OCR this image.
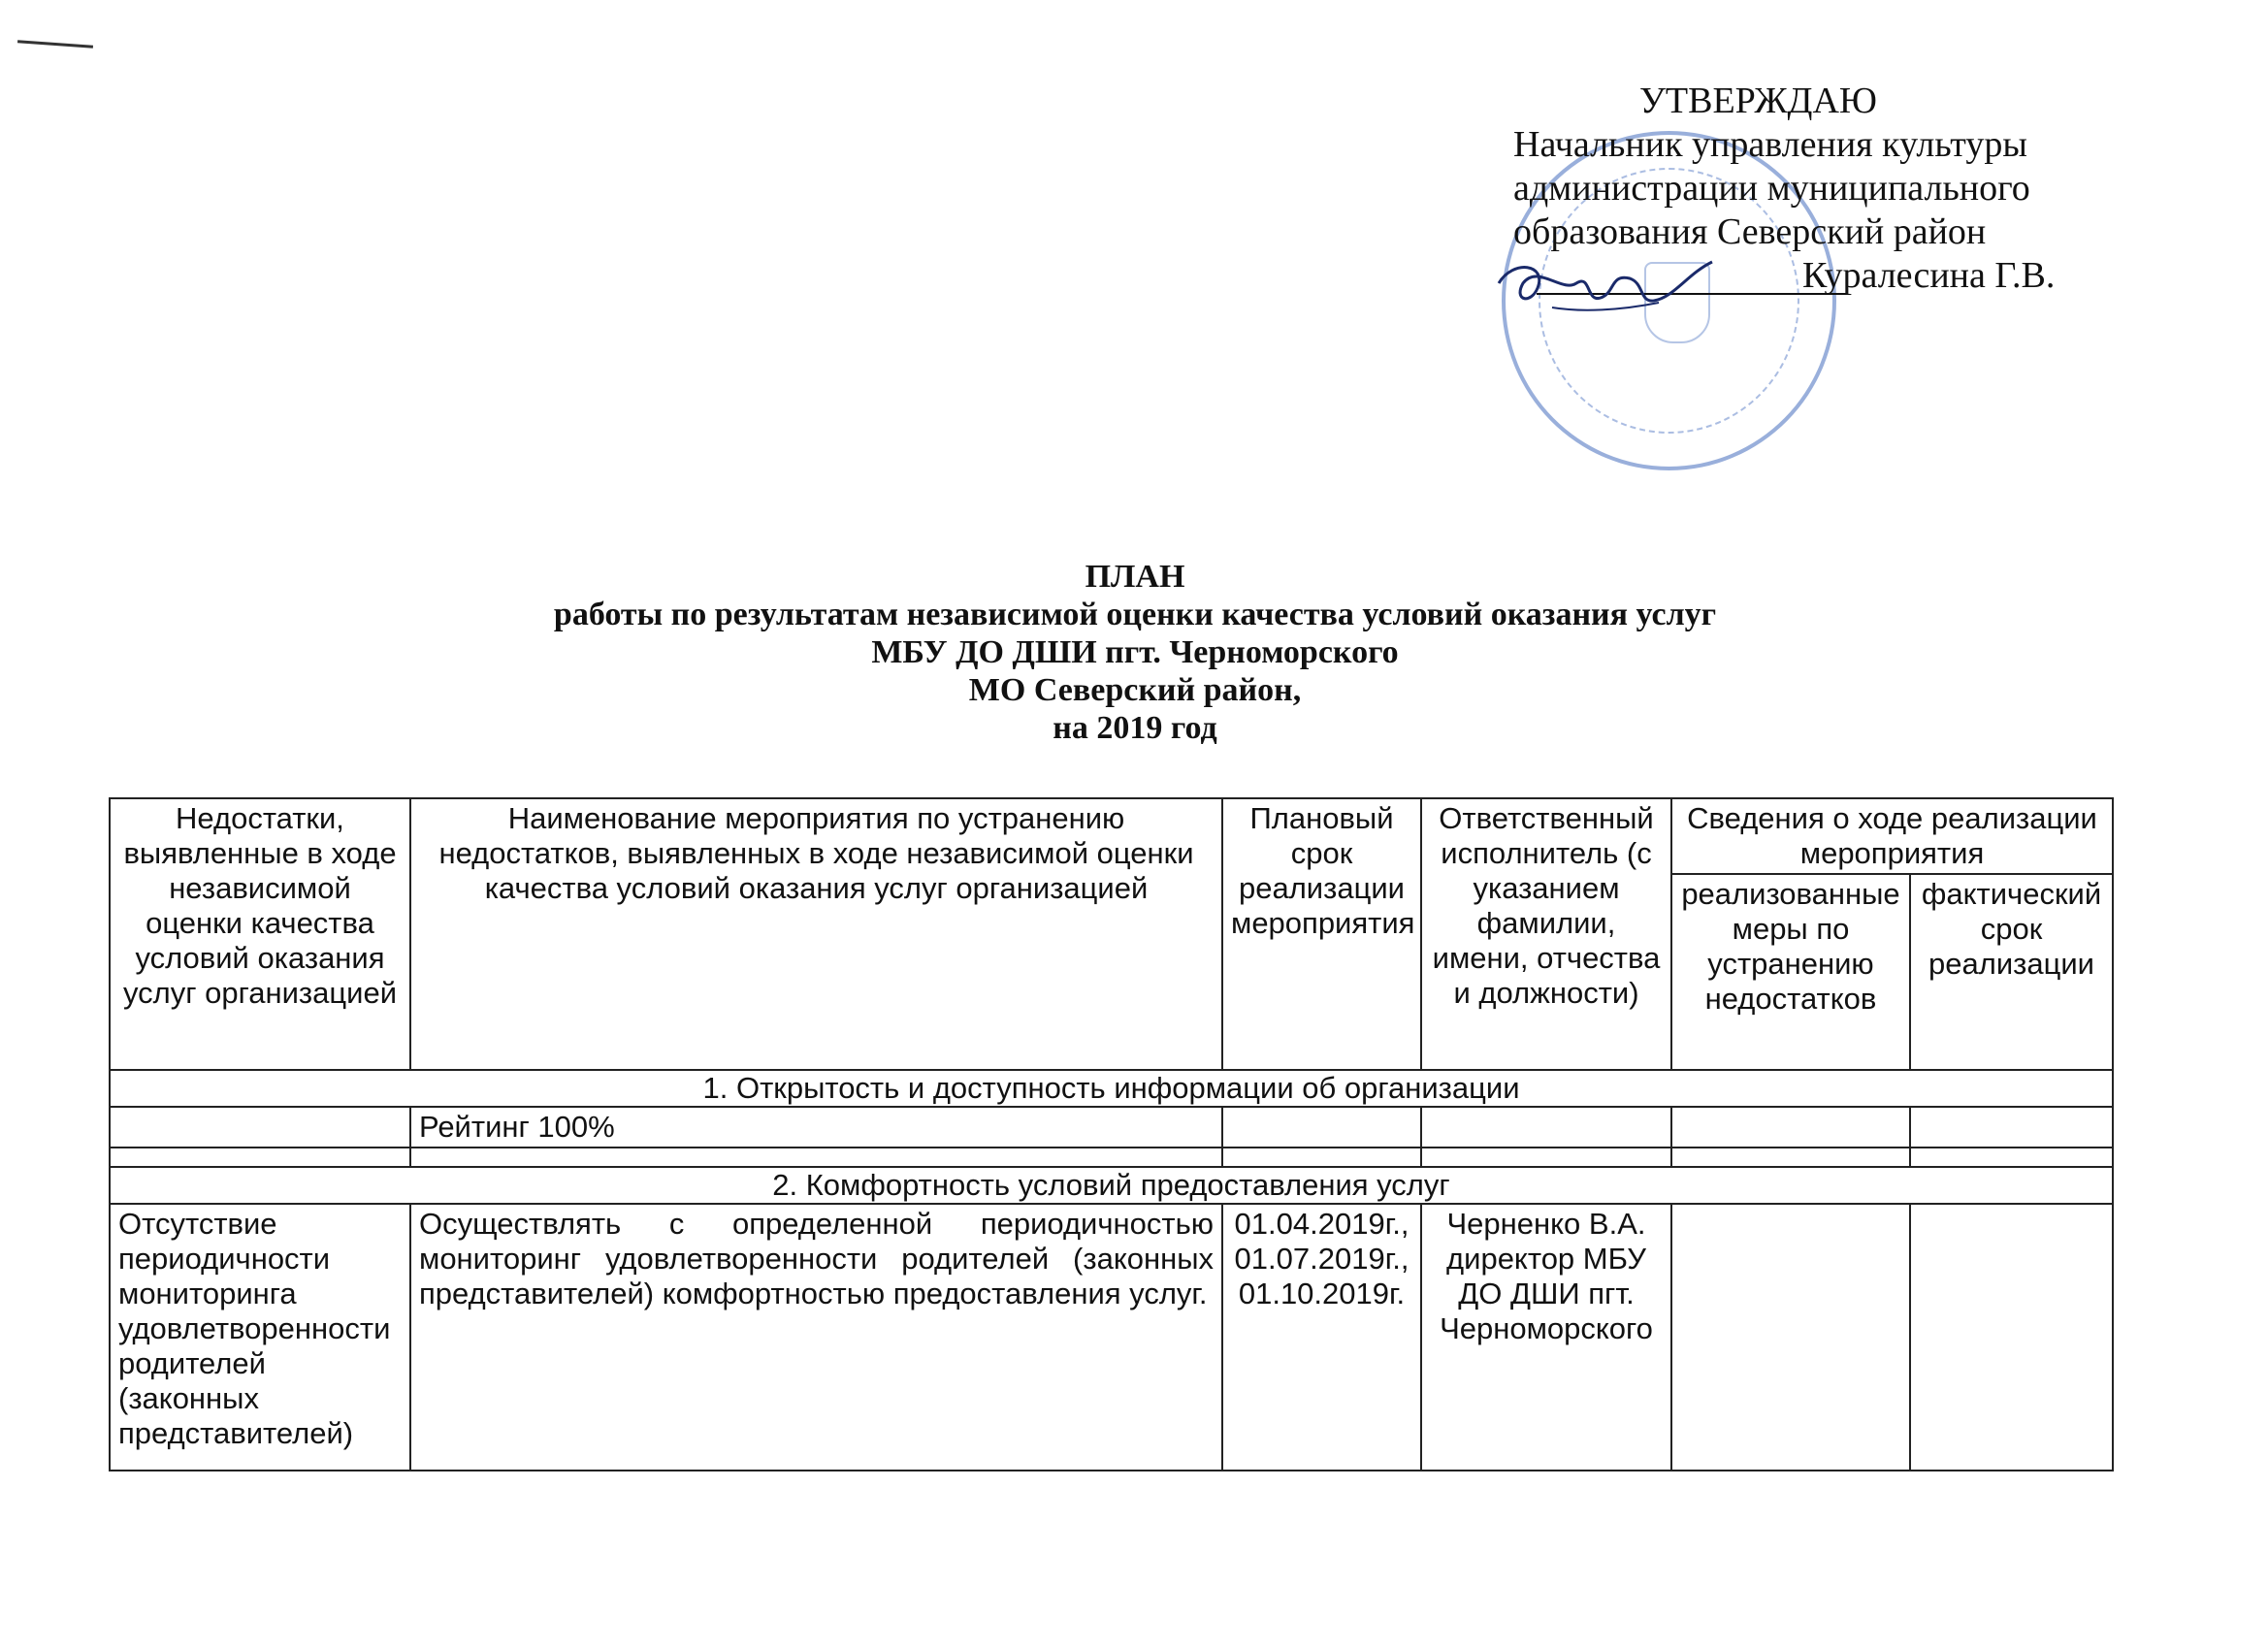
УТВЕРЖДАЮ
Начальник управления культуры
администрации муниципального
образования Северский район
Куралесина Г.В.
ПЛАН
работы по результатам независимой оценки качества условий оказания услуг
МБУ ДО ДШИ пгт. Черноморского
МО Северский район,
на 2019 год
Недостатки, выявленные в ходе независимой оценки качества условий оказания услуг организацией	Наименование мероприятия по устранению недостатков, выявленных в ходе независимой оценки качества условий оказания услуг организацией	Плановый срок реализации мероприятия	Ответственный исполнитель (с указанием фамилии, имени, отчества и должности)	Сведения о ходе реализации мероприятия	
				реализованные меры по устранению недостатков	фактический срок реализации
1. Открытость и доступность информации об организации					
	Рейтинг 100%				

2. Комфортность условий предоставления услуг					
Отсутствие периодичности мониторинга удовлетворенности родителей (законных представителей)	Осуществлять с определенной периодичностью мониторинг удовлетворенности родителей (законных представителей) комфортностью предоставления услуг.	01.04.2019г., 01.07.2019г., 01.10.2019г.	Черненко В.А. директор МБУ ДО ДШИ пгт. Черноморского		
